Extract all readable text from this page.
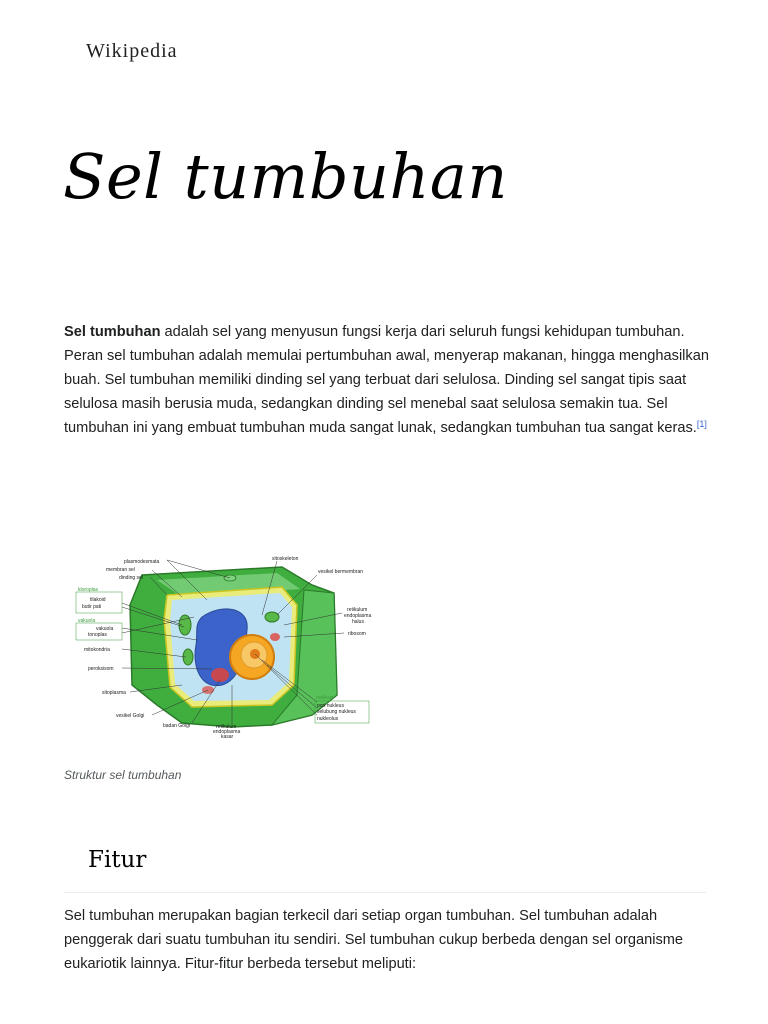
Wikipedia
Sel tumbuhan

Sel tumbuhan adalah sel yang menyusun fungsi kerja dari seluruh fungsi kehidupan tumbuhan. Peran sel tumbuhan adalah memulai pertumbuhan awal, menyerap makanan, hingga menghasilkan buah. Sel tumbuhan memiliki dinding sel yang terbuat dari selulosa. Dinding sel sangat tipis saat selulosa masih berusia muda, sedangkan dinding sel menebal saat selulosa semakin tua. Sel tumbuhan ini yang embuat tumbuhan muda sangat lunak, sedangkan tumbuhan tua sangat keras.[1]

plasmodesmata
membran sel
dinding sel
kloroplas
tilakoid
butir pati
vakuola
vakuola
tonoplas
mitokondria
peroksisom
sitoplasma
vesikel Golgi
badan Golgi	retikulum
endoplasma
kasar
sitoskeleton
vesikel bermembran
retikulum
endoplasma
halus
ribosom
nukleus
pori nukleus
selubung nukleus
nukleolus
Struktur sel tumbuhan
Fitur

Sel tumbuhan merupakan bagian terkecil dari setiap organ tumbuhan. Sel tumbuhan adalah penggerak dari suatu tumbuhan itu sendiri. Sel tumbuhan cukup berbeda dengan sel organisme eukariotik lainnya. Fitur-fitur berbeda tersebut meliputi:
